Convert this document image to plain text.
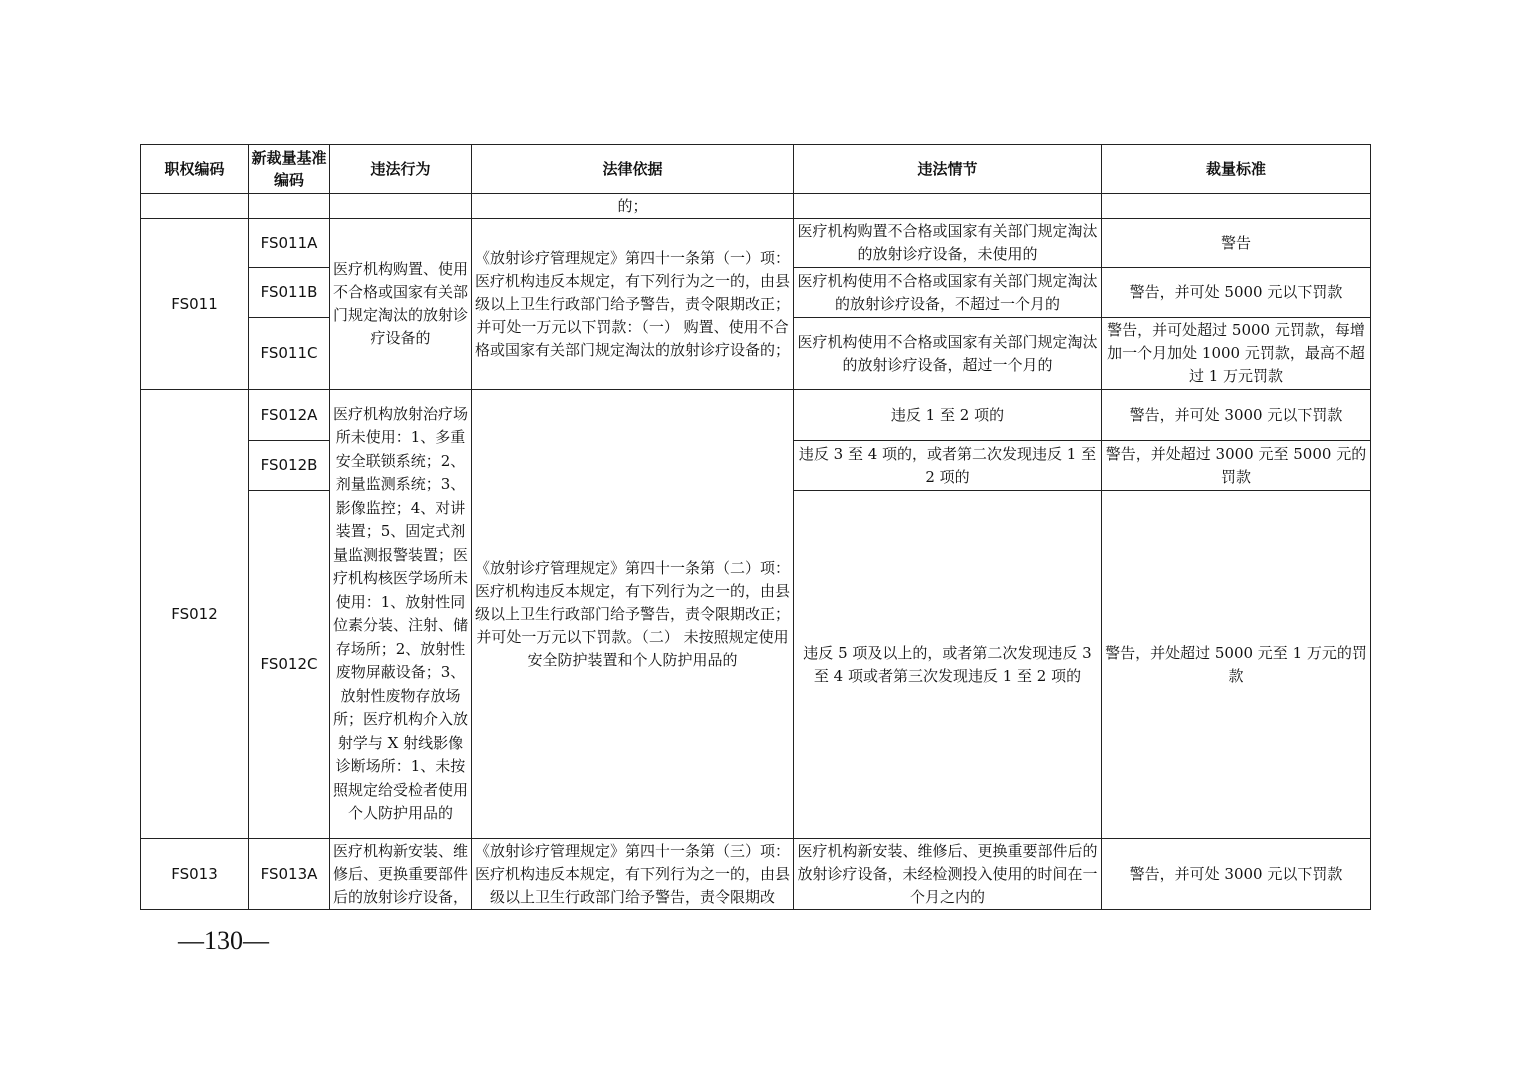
职权编码	新裁量基准编码	违法行为	法律依据	违法情节	裁量标准
			的；		
FS011	FS011A	医疗机构购置、使用不合格或国家有关部门规定淘汰的放射诊疗设备的	《放射诊疗管理规定》第四十一条第（一）项：医疗机构违反本规定，有下列行为之一的，由县级以上卫生行政部门给予警告，责令限期改正；并可处一万元以下罚款：（一） 购置、使用不合格或国家有关部门规定淘汰的放射诊疗设备的；	医疗机构购置不合格或国家有关部门规定淘汰的放射诊疗设备，未使用的	警告
	FS011B			医疗机构使用不合格或国家有关部门规定淘汰的放射诊疗设备，不超过一个月的	警告，并可处 5000 元以下罚款
	FS011C			医疗机构使用不合格或国家有关部门规定淘汰的放射诊疗设备，超过一个月的	警告，并可处超过 5000 元罚款，每增加一个月加处 1000 元罚款，最高不超过 1 万元罚款
FS012	FS012A	医疗机构放射治疗场所未使用：1、多重安全联锁系统；2、剂量监测系统；3、影像监控；4、对讲装置；5、固定式剂量监测报警装置；医疗机构核医学场所未使用：1、放射性同位素分装、注射、储存场所；2、放射性废物屏蔽设备；3、放射性废物存放场所；医疗机构介入放射学与 X 射线影像诊断场所：1、未按照规定给受检者使用个人防护用品的	《放射诊疗管理规定》第四十一条第（二）项：医疗机构违反本规定，有下列行为之一的，由县级以上卫生行政部门给予警告，责令限期改正；并可处一万元以下罚款。（二） 未按照规定使用安全防护装置和个人防护用品的	违反 1 至 2 项的	警告，并可处 3000 元以下罚款
	FS012B			违反 3 至 4 项的，或者第二次发现违反 1 至 2 项的	警告，并处超过 3000 元至 5000 元的罚款
	FS012C			违反 5 项及以上的，或者第二次发现违反 3 至 4 项或者第三次发现违反 1 至 2 项的	警告，并处超过 5000 元至 1 万元的罚款
FS013	FS013A	医疗机构新安装、维修后、更换重要部件后的放射诊疗设备，	《放射诊疗管理规定》第四十一条第（三）项：医疗机构违反本规定，有下列行为之一的，由县级以上卫生行政部门给予警告，责令限期改	医疗机构新安装、维修后、更换重要部件后的放射诊疗设备，未经检测投入使用的时间在一个月之内的	警告，并可处 3000 元以下罚款
—130—
